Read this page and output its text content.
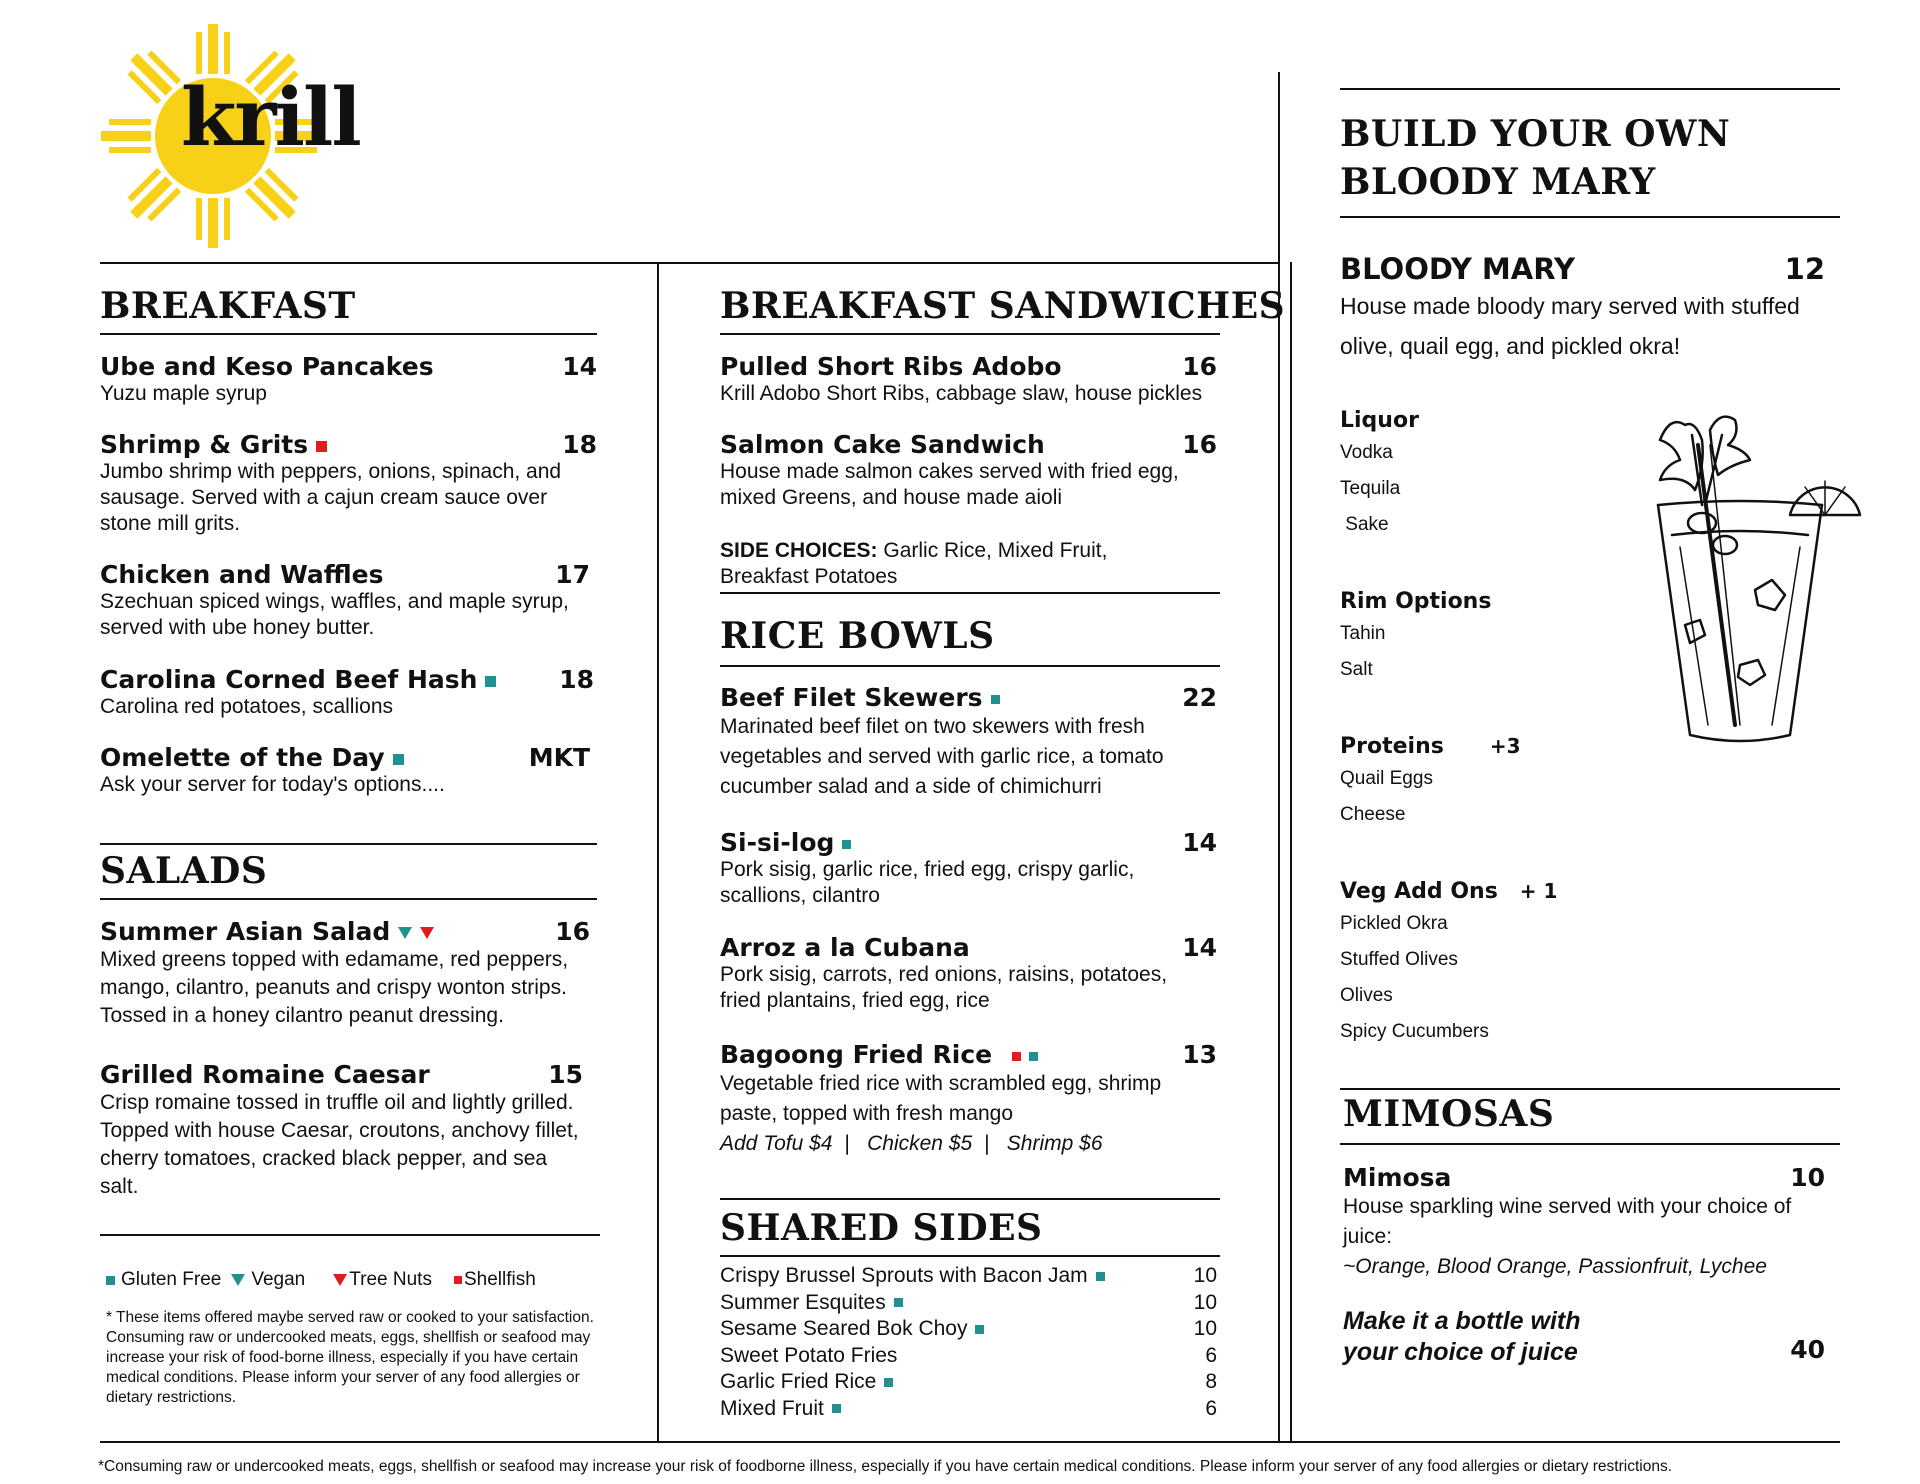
krill
BREAKFAST
Ube and Keso Pancakes	14
Yuzu maple syrup
Shrimp & Grits	18
Jumbo shrimp with peppers, onions, spinach, and sausage. Served with a cajun cream sauce over stone mill grits.
Chicken and Waffles	17
Szechuan spiced wings, waffles, and maple syrup, served with ube honey butter.
Carolina Corned Beef Hash	18
Carolina red potatoes, scallions
Omelette of the Day	MKT
Ask your server for today's options....
SALADS
Summer Asian Salad	16
Mixed greens topped with edamame, red peppers, mango, cilantro, peanuts and crispy wonton strips. Tossed in a honey cilantro peanut dressing.
Grilled Romaine Caesar	15
Crisp romaine tossed in truffle oil and lightly grilled. Topped with house Caesar, croutons, anchovy fillet, cherry tomatoes, cracked black pepper, and sea salt.
Gluten Free Vegan Tree Nuts Shellfish
* These items offered maybe served raw or cooked to your satisfaction. Consuming raw or undercooked meats, eggs, shellfish or seafood may increase your risk of food-borne illness, especially if you have certain medical conditions. Please inform your server of any food allergies or dietary restrictions.
BREAKFAST SANDWICHES
Pulled Short Ribs Adobo	16
Krill Adobo Short Ribs, cabbage slaw, house pickles
Salmon Cake Sandwich	16
House made salmon cakes served with fried egg, mixed Greens, and house made aioli
SIDE CHOICES: Garlic Rice, Mixed Fruit, Breakfast Potatoes
RICE BOWLS
Beef Filet Skewers	22
Marinated beef filet on two skewers with fresh vegetables and served with garlic rice, a tomato cucumber salad and a side of chimichurri
Si-si-log	14
Pork sisig, garlic rice, fried egg, crispy garlic, scallions, cilantro
Arroz a la Cubana	14
Pork sisig, carrots, red onions, raisins, potatoes, fried plantains, fried egg, rice
Bagoong Fried Rice	13
Vegetable fried rice with scrambled egg, shrimp paste, topped with fresh mango
Add Tofu $4  |   Chicken $5  |   Shrimp $6
SHARED SIDES
Crispy Brussel Sprouts with Bacon Jam	10
Summer Esquites	10
Sesame Seared Bok Choy	10
Sweet Potato Fries	6
Garlic Fried Rice	8
Mixed Fruit	6
BUILD YOUR OWN
BLOODY MARY
BLOODY MARY	12
House made bloody mary served with stuffed olive, quail egg, and pickled okra!
Liquor
Vodka
Tequila
Sake
Rim Options
Tahin
Salt
Proteins +3
Quail Eggs
Cheese
Veg Add Ons + 1
Pickled Okra
Stuffed Olives
Olives
Spicy Cucumbers
MIMOSAS
Mimosa	10
House sparkling wine served with your choice of juice:
~Orange, Blood Orange, Passionfruit, Lychee
Make it a bottle with
your choice of juice	40
*Consuming raw or undercooked meats, eggs, shellfish or seafood may increase your risk of foodborne illness, especially if you have certain medical conditions. Please inform your server of any food allergies or dietary restrictions.
